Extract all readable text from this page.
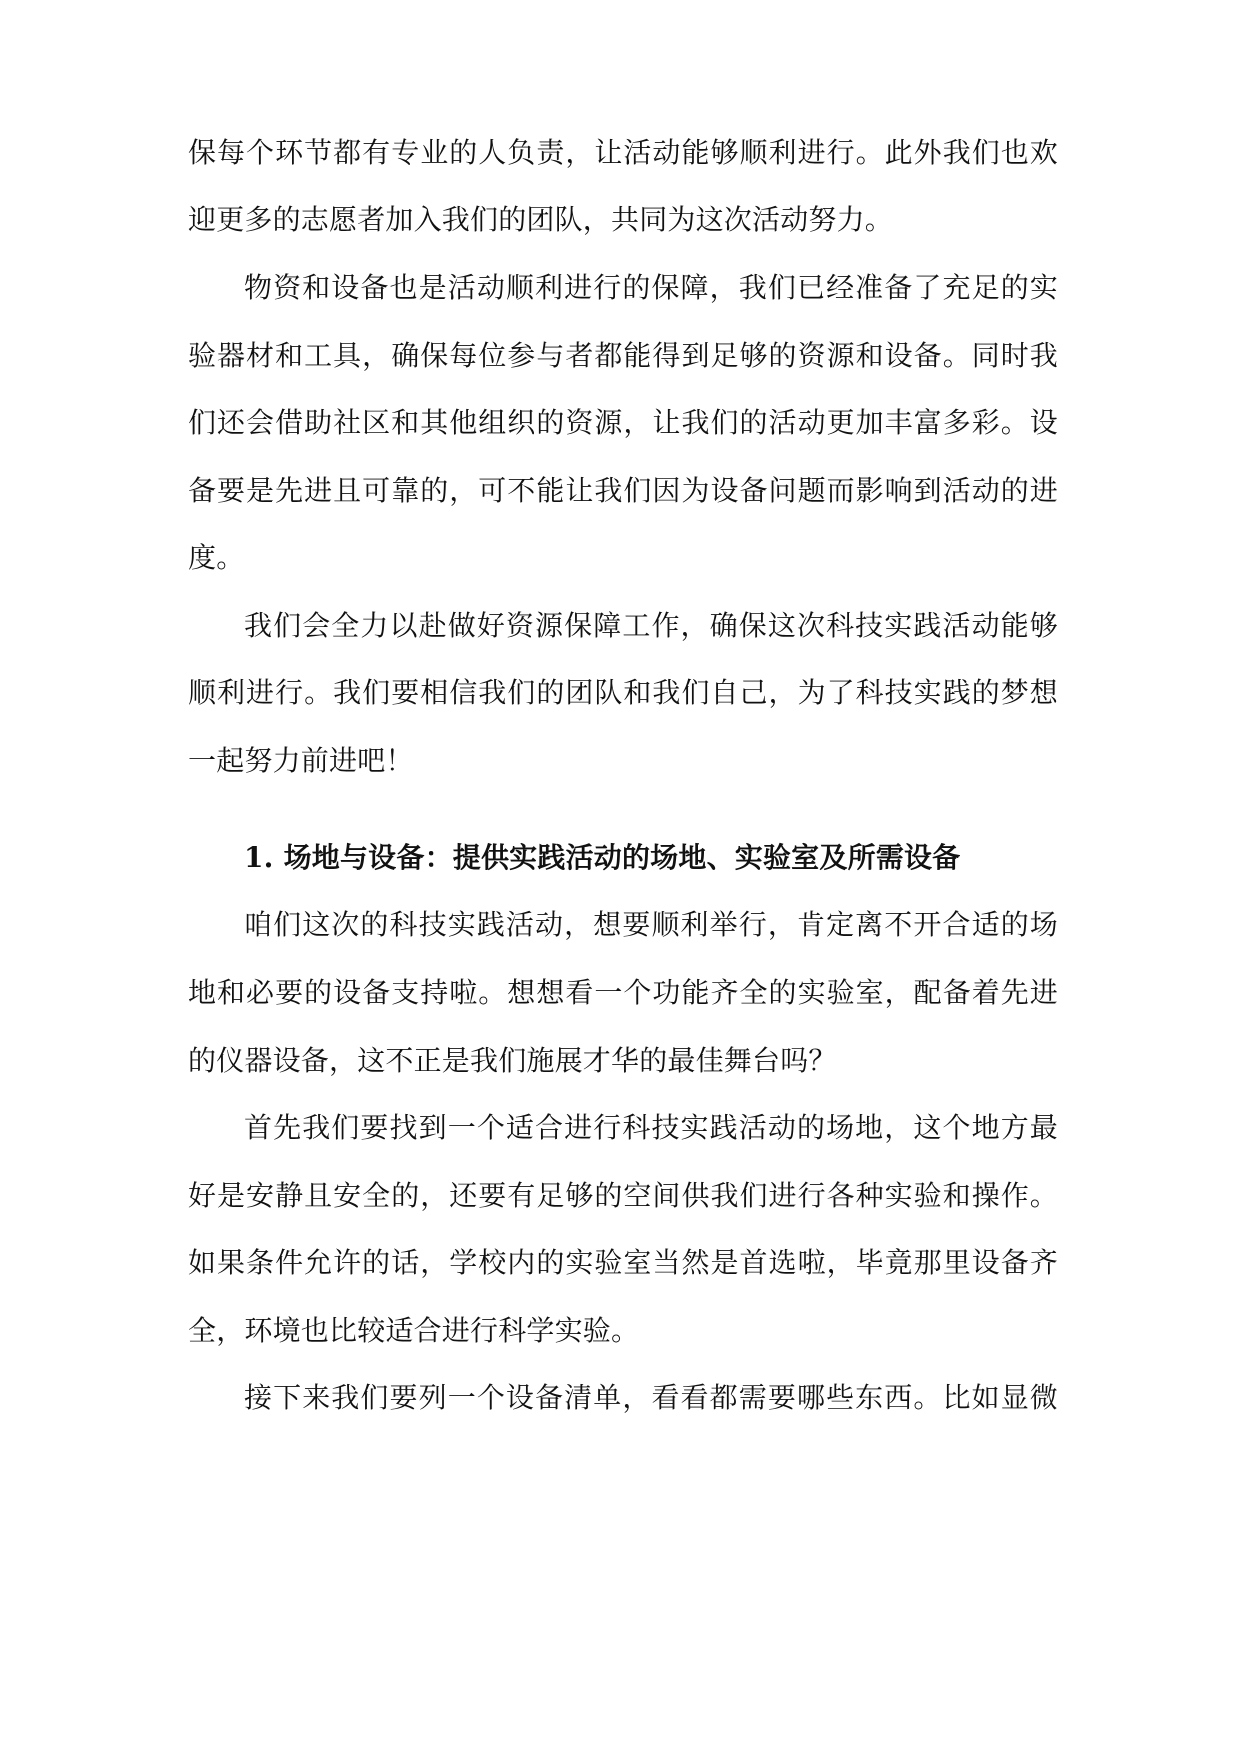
保每个环节都有专业的人负责，让活动能够顺利进行。此外我们也欢
迎更多的志愿者加入我们的团队，共同为这次活动努力。
物资和设备也是活动顺利进行的保障，我们已经准备了充足的实
验器材和工具，确保每位参与者都能得到足够的资源和设备。同时我
们还会借助社区和其他组织的资源，让我们的活动更加丰富多彩。设
备要是先进且可靠的，可不能让我们因为设备问题而影响到活动的进
度。
我们会全力以赴做好资源保障工作，确保这次科技实践活动能够
顺利进行。我们要相信我们的团队和我们自己，为了科技实践的梦想
一起努力前进吧！
1. 场地与设备：提供实践活动的场地、实验室及所需设备
咱们这次的科技实践活动，想要顺利举行，肯定离不开合适的场
地和必要的设备支持啦。想想看一个功能齐全的实验室，配备着先进
的仪器设备，这不正是我们施展才华的最佳舞台吗？
首先我们要找到一个适合进行科技实践活动的场地，这个地方最
好是安静且安全的，还要有足够的空间供我们进行各种实验和操作。
如果条件允许的话，学校内的实验室当然是首选啦，毕竟那里设备齐
全，环境也比较适合进行科学实验。
接下来我们要列一个设备清单，看看都需要哪些东西。比如显微
